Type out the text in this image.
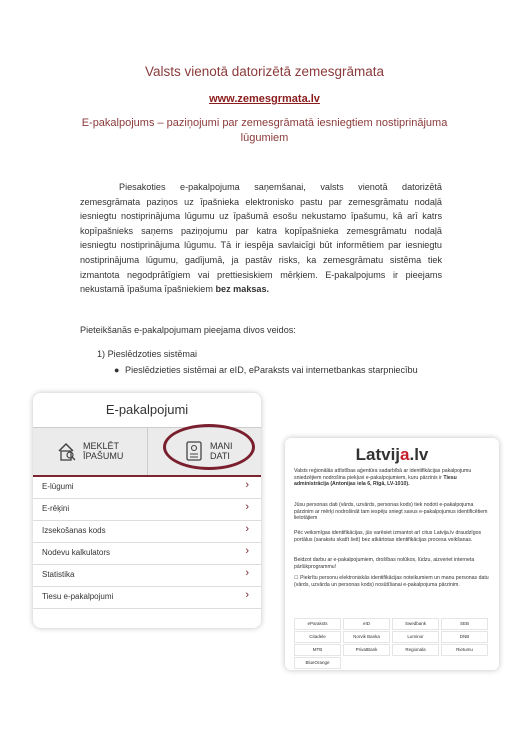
Valsts vienotā datorizētā zemesgrāmata
www.zemesgrmata.lv
E-pakalpojums – paziņojumi par zemesgrāmatā iesniegtiem nostiprinājuma lūgumiem
Piesakoties e-pakalpojuma saņemšanai, valsts vienotā datorizētā zemesgrāmata paziņos uz īpašnieka elektronisko pastu par zemesgrāmatu nodaļā iesniegtu nostiprinājuma lūgumu uz īpašumā esošu nekustamo īpašumu, kā arī katrs kopīpašnieks saņems paziņojumu par katra kopīpašnieka zemesgrāmatu nodaļā iesniegtu nostiprinājuma lūgumu. Tā ir iespēja savlaicīgi būt informētiem par iesniegtu nostiprinājuma lūgumu, gadījumā, ja pastāv risks, ka zemesgrāmatu sistēma tiek izmantota negodprātīgiem vai prettiesiskiem mērķiem. E-pakalpojums ir pieejams nekustamā īpašuma īpašniekiem bez maksas.
Pieteikšanās e-pakalpojumam pieejama divos veidos:
1) Pieslēdzoties sistēmai
● Pieslēdzieties sistēmai ar eID, eParaksts vai internetbankas starpniecību
E-pakalpojumi
MEKLĒT
ĪPAŠUMU
MANI
DATI
E-lūgumi	›
E-rēķini	›
Izsekošanas kods	›
Nodevu kalkulators	›
Statistika	›
Tiesu e-pakalpojumi	›
Latvija.lv
Valsts reģionālās attīstības aģentūra sadarbībā ar identifikācijas pakalpojumu sniedzējiem nodrošina piekļuvi e-pakalpojumiem, kuru pārzinis ir Tiesu administrācija (Antonijas iela 6, Rīgā, LV-1010).
Jūsu personas dati (vārds, uzvārds, personas kods) tiek nodoti e-pakalpojuma pārzinim ar mērķi nodrošināt tam iespēju sniegt savus e-pakalpojumus identificētiem lietotājiem
Pēc veiksmīgas identifikācijas, jūs varēsiet izmantot arī citus Latvija.lv draudzīgos portālus (sarakstu skatīt šeit) bez atkārtotas identifikācijas procesa veikšanas.
Beidzot darbu ar e-pakalpojumiem, drošības nolūkos, lūdzu, aizveriet interneta pārlūkprogrammu!
☐ Piekrītu personu elektroniskās identifikācijas noteikumiem un manu personas datu (vārds, uzvārda un personas kods) nosūtīšanai e-pakalpojuma pārzinim.
eParaksts	eID	Swedbank	SEB
Citadele	Norvik Banka	Luminor	DNB
MTB	PrivatBank	Regionala	Rietumu
BlueOrange
